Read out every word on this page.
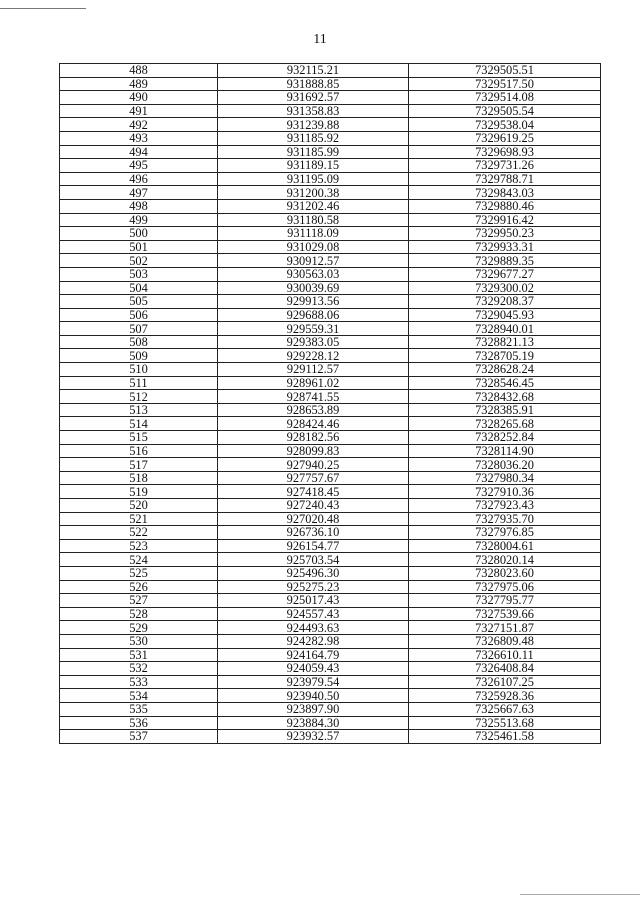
11
488	932115.21	7329505.51
489	931888.85	7329517.50
490	931692.57	7329514.08
491	931358.83	7329505.54
492	931239.88	7329538.04
493	931185.92	7329619.25
494	931185.99	7329698.93
495	931189.15	7329731.26
496	931195.09	7329788.71
497	931200.38	7329843.03
498	931202.46	7329880.46
499	931180.58	7329916.42
500	931118.09	7329950.23
501	931029.08	7329933.31
502	930912.57	7329889.35
503	930563.03	7329677.27
504	930039.69	7329300.02
505	929913.56	7329208.37
506	929688.06	7329045.93
507	929559.31	7328940.01
508	929383.05	7328821.13
509	929228.12	7328705.19
510	929112.57	7328628.24
511	928961.02	7328546.45
512	928741.55	7328432.68
513	928653.89	7328385.91
514	928424.46	7328265.68
515	928182.56	7328252.84
516	928099.83	7328114.90
517	927940.25	7328036.20
518	927757.67	7327980.34
519	927418.45	7327910.36
520	927240.43	7327923.43
521	927020.48	7327935.70
522	926736.10	7327976.85
523	926154.77	7328004.61
524	925703.54	7328020.14
525	925496.30	7328023.60
526	925275.23	7327975.06
527	925017.43	7327795.77
528	924557.43	7327539.66
529	924493.63	7327151.87
530	924282.98	7326809.48
531	924164.79	7326610.11
532	924059.43	7326408.84
533	923979.54	7326107.25
534	923940.50	7325928.36
535	923897.90	7325667.63
536	923884.30	7325513.68
537	923932.57	7325461.58
